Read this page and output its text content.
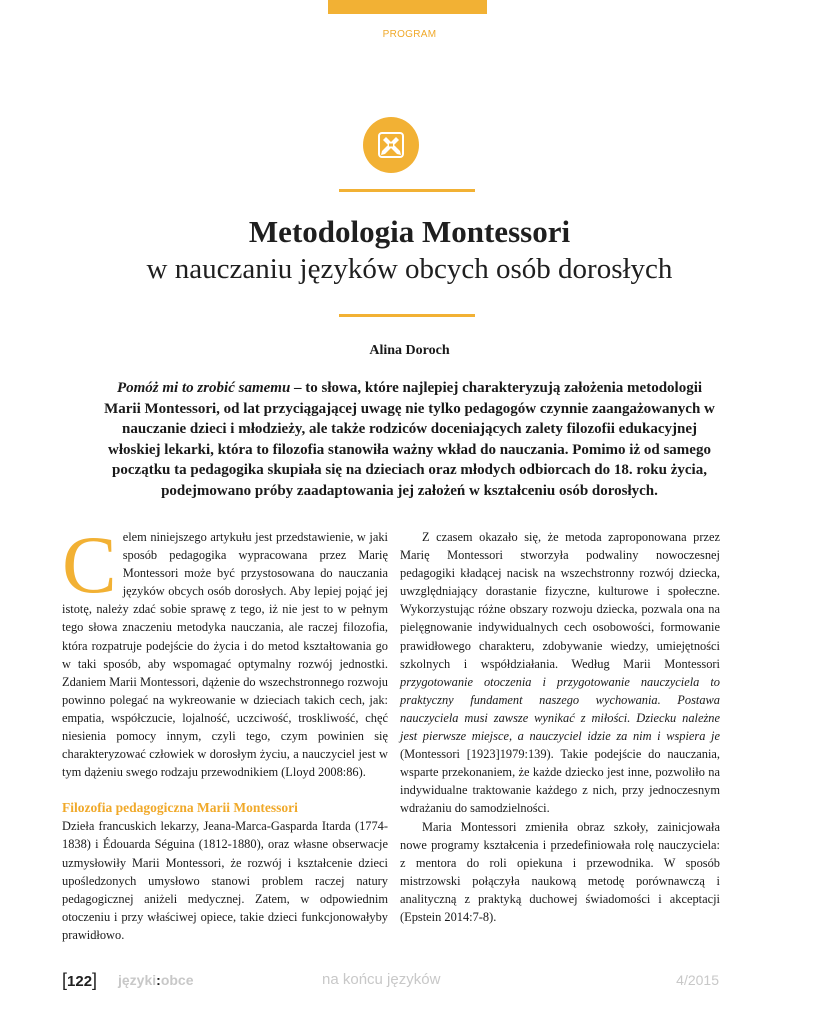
PROGRAM
Metodologia Montessori
w nauczaniu języków obcych osób dorosłych
Alina Doroch

Pomóż mi to zrobić samemu – to słowa, które najlepiej charakteryzują założenia metodologii Marii Montessori, od lat przyciągającej uwagę nie tylko pedagogów czynnie zaangażowanych w nauczanie dzieci i młodzieży, ale także rodziców doceniających zalety filozofii edukacyjnej włoskiej lekarki, która to filozofia stanowiła ważny wkład do nauczania. Pomimo iż od samego początku ta pedagogika skupiała się na dzieciach oraz młodych odbiorcach do 18. roku życia, podejmowano próby zaadaptowania jej założeń w kształceniu osób dorosłych.

Celem niniejszego artykułu jest przedstawienie, w jaki sposób pedagogika wypracowana przez Marię Montessori może być przystosowana do nauczania języków obcych osób dorosłych. Aby lepiej pojąć jej istotę, należy zdać sobie sprawę z tego, iż nie jest to w pełnym tego słowa znaczeniu metodyka nauczania, ale raczej filozofia, która rozpatruje podejście do życia i do metod kształtowania go w taki sposób, aby wspomagać optymalny rozwój jednostki. Zdaniem Marii Montessori, dążenie do wszechstronnego rozwoju powinno polegać na wykreowanie w dzieciach takich cech, jak: empatia, współczucie, lojalność, uczciwość, troskliwość, chęć niesienia pomocy innym, czyli tego, czym powinien się charakteryzować człowiek w dorosłym życiu, a nauczyciel jest w tym dążeniu swego rodzaju przewodnikiem (Lloyd 2008:86).

Filozofia pedagogiczna Marii Montessori

Dzieła francuskich lekarzy, Jeana-Marca-Gasparda Itarda (1774-1838) i Édouarda Séguina (1812-1880), oraz własne obserwacje uzmysłowiły Marii Montessori, że rozwój i kształcenie dzieci upośledzonych umysłowo stanowi problem raczej natury pedagogicznej aniżeli medycznej. Zatem, w odpowiednim otoczeniu i przy właściwej opiece, takie dzieci funkcjonowałyby prawidłowo.

Z czasem okazało się, że metoda zaproponowana przez Marię Montessori stworzyła podwaliny nowoczesnej pedagogiki kładącej nacisk na wszechstronny rozwój dziecka, uwzględniający dorastanie fizyczne, kulturowe i społeczne. Wykorzystując różne obszary rozwoju dziecka, pozwala ona na pielęgnowanie indywidualnych cech osobowości, formowanie prawidłowego charakteru, zdobywanie wiedzy, umiejętności szkolnych i współdziałania. Według Marii Montessori przygotowanie otoczenia i przygotowanie nauczyciela to praktyczny fundament naszego wychowania. Postawa nauczyciela musi zawsze wynikać z miłości. Dziecku należne jest pierwsze miejsce, a nauczyciel idzie za nim i wspiera je (Montessori [1923]1979:139). Takie podejście do nauczania, wsparte przekonaniem, że każde dziecko jest inne, pozwoliło na indywidualne traktowanie każdego z nich, przy jednoczesnym wdrażaniu do samodzielności.

Maria Montessori zmieniła obraz szkoły, zainicjowała nowe programy kształcenia i przedefiniowała rolę nauczyciela: z mentora do roli opiekuna i przewodnika. W sposób mistrzowski połączyła naukową metodę porównawczą i analityczną z praktyką duchowej świadomości i akceptacji (Epstein 2014:7-8).

[122] języki:obce	na końcu języków	4/2015
